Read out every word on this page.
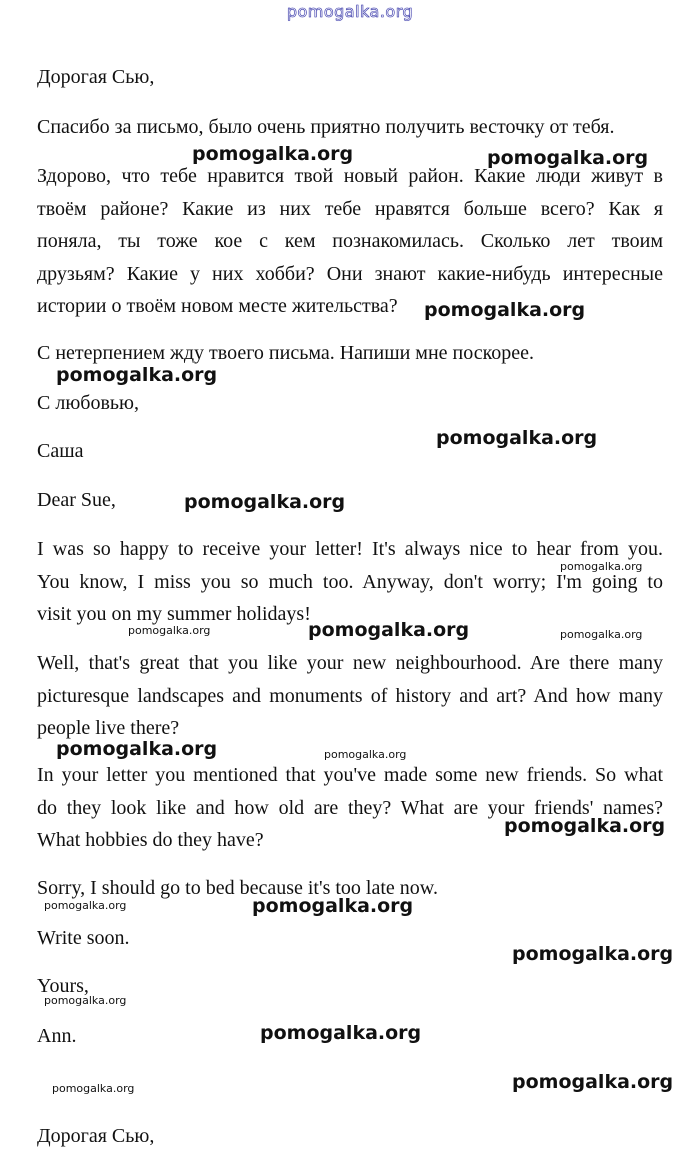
pomogalka.org
Дорогая Сью,
Спасибо за письмо, было очень приятно получить весточку от тебя.
Здорово, что тебе нравится твой новый район. Какие люди живут в
твоём районе? Какие из них тебе нравятся больше всего? Как я
поняла, ты тоже кое с кем познакомилась. Сколько лет твоим
друзьям? Какие у них хобби? Они знают какие-нибудь интересные
истории о твоём новом месте жительства?
С нетерпением жду твоего письма. Напиши мне поскорее.
С любовью,
Саша
Dear Sue,
I was so happy to receive your letter! It's always nice to hear from you.
You know, I miss you so much too. Anyway, don't worry; I'm going to
visit you on my summer holidays!
Well, that's great that you like your new neighbourhood. Are there many
picturesque landscapes and monuments of history and art? And how many
people live there?
In your letter you mentioned that you've made some new friends. So what
do they look like and how old are they? What are your friends' names?
What hobbies do they have?
Sorry, I should go to bed because it's too late now.
Write soon.
Yours,
Ann.
Дорогая Сью,
pomogalka.org	pomogalka.org
pomogalka.org
pomogalka.org
pomogalka.org
pomogalka.org
pomogalka.org
pomogalka.org	pomogalka.org	pomogalka.org
pomogalka.org	pomogalka.org
pomogalka.org
pomogalka.org	pomogalka.org
pomogalka.org
pomogalka.org
pomogalka.org
pomogalka.org	pomogalka.org
